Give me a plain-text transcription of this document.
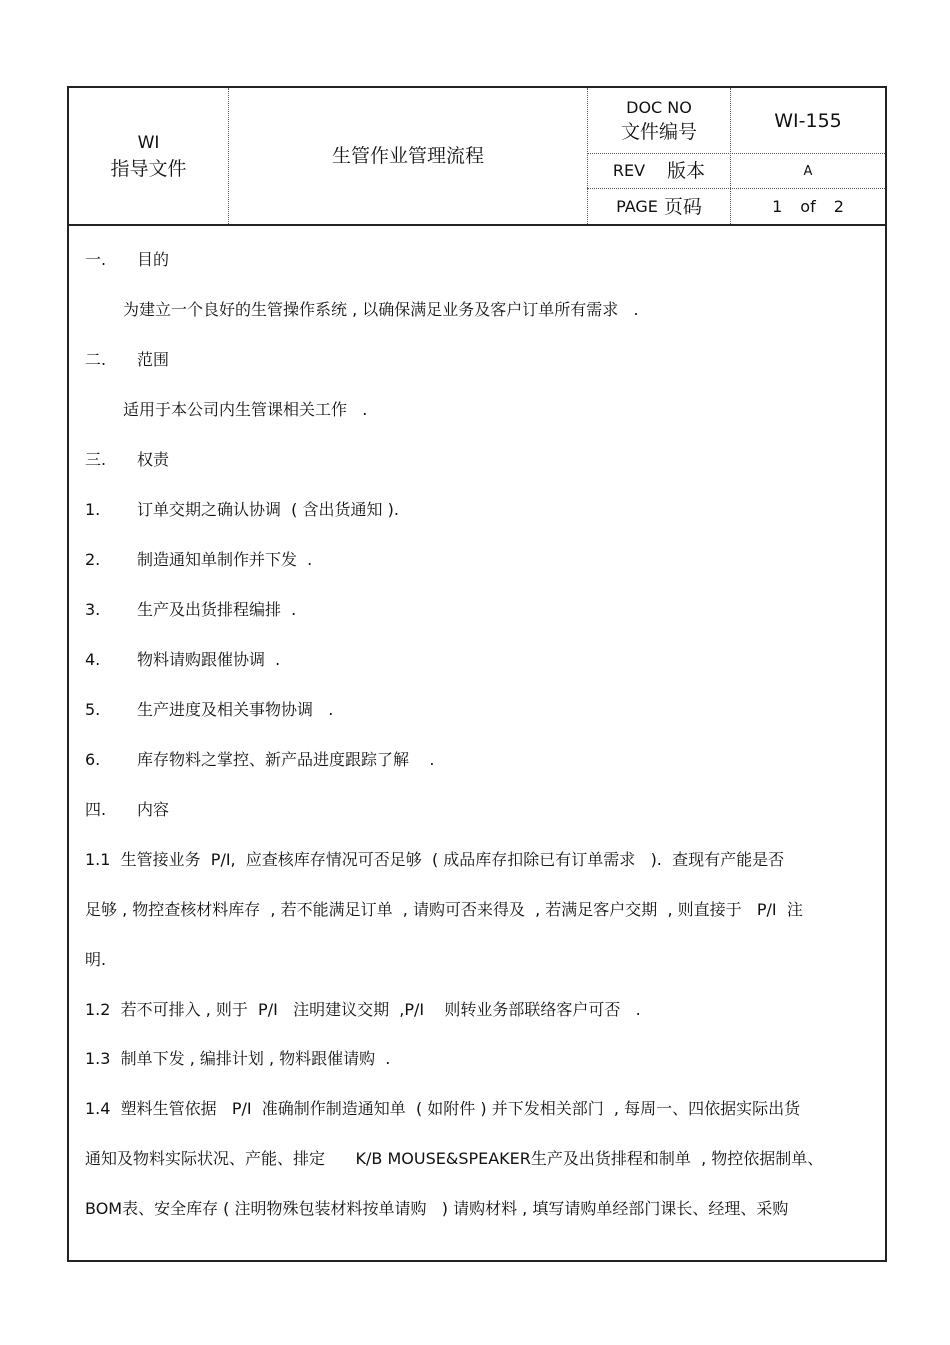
WI
指导文件
生管作业管理流程
DOC NO
文件编号	WI-155
REV 版本	A
PAGE 页码	1 of 2
一. 目的
为建立一个良好的生管操作系统 , 以确保满足业务及客户订单所有需求   .
二. 范围
适用于本公司内生管课相关工作   .
三. 权责
1. 订单交期之确认协调  ( 含出货通知 ).
2. 制造通知单制作并下发  .
3. 生产及出货排程编排  .
4. 物料请购跟催协调  .
5. 生产进度及相关事物协调   .
6. 库存物料之掌控、新产品进度跟踪了解    .
四. 内容
1.1  生管接业务  P/I,  应查核库存情况可否足够  ( 成品库存扣除已有订单需求   ).  查现有产能是否
足够 , 物控查核材料库存  , 若不能满足订单  , 请购可否来得及  , 若满足客户交期  , 则直接于   P/I  注
明.
1.2  若不可排入 , 则于  P/I   注明建议交期  ,P/I    则转业务部联络客户可否   .
1.3  制单下发 , 编排计划 , 物料跟催请购  .
1.4  塑料生管依据   P/I  准确制作制造通知单  ( 如附件 ) 并下发相关部门  , 每周一、四依据实际出货
通知及物料实际状况、产能、排定      K/B MOUSE&SPEAKER生产及出货排程和制单  , 物控依据制单、
BOM表、安全库存 ( 注明物殊包装材料按单请购   ) 请购材料 , 填写请购单经部门课长、经理、采购
